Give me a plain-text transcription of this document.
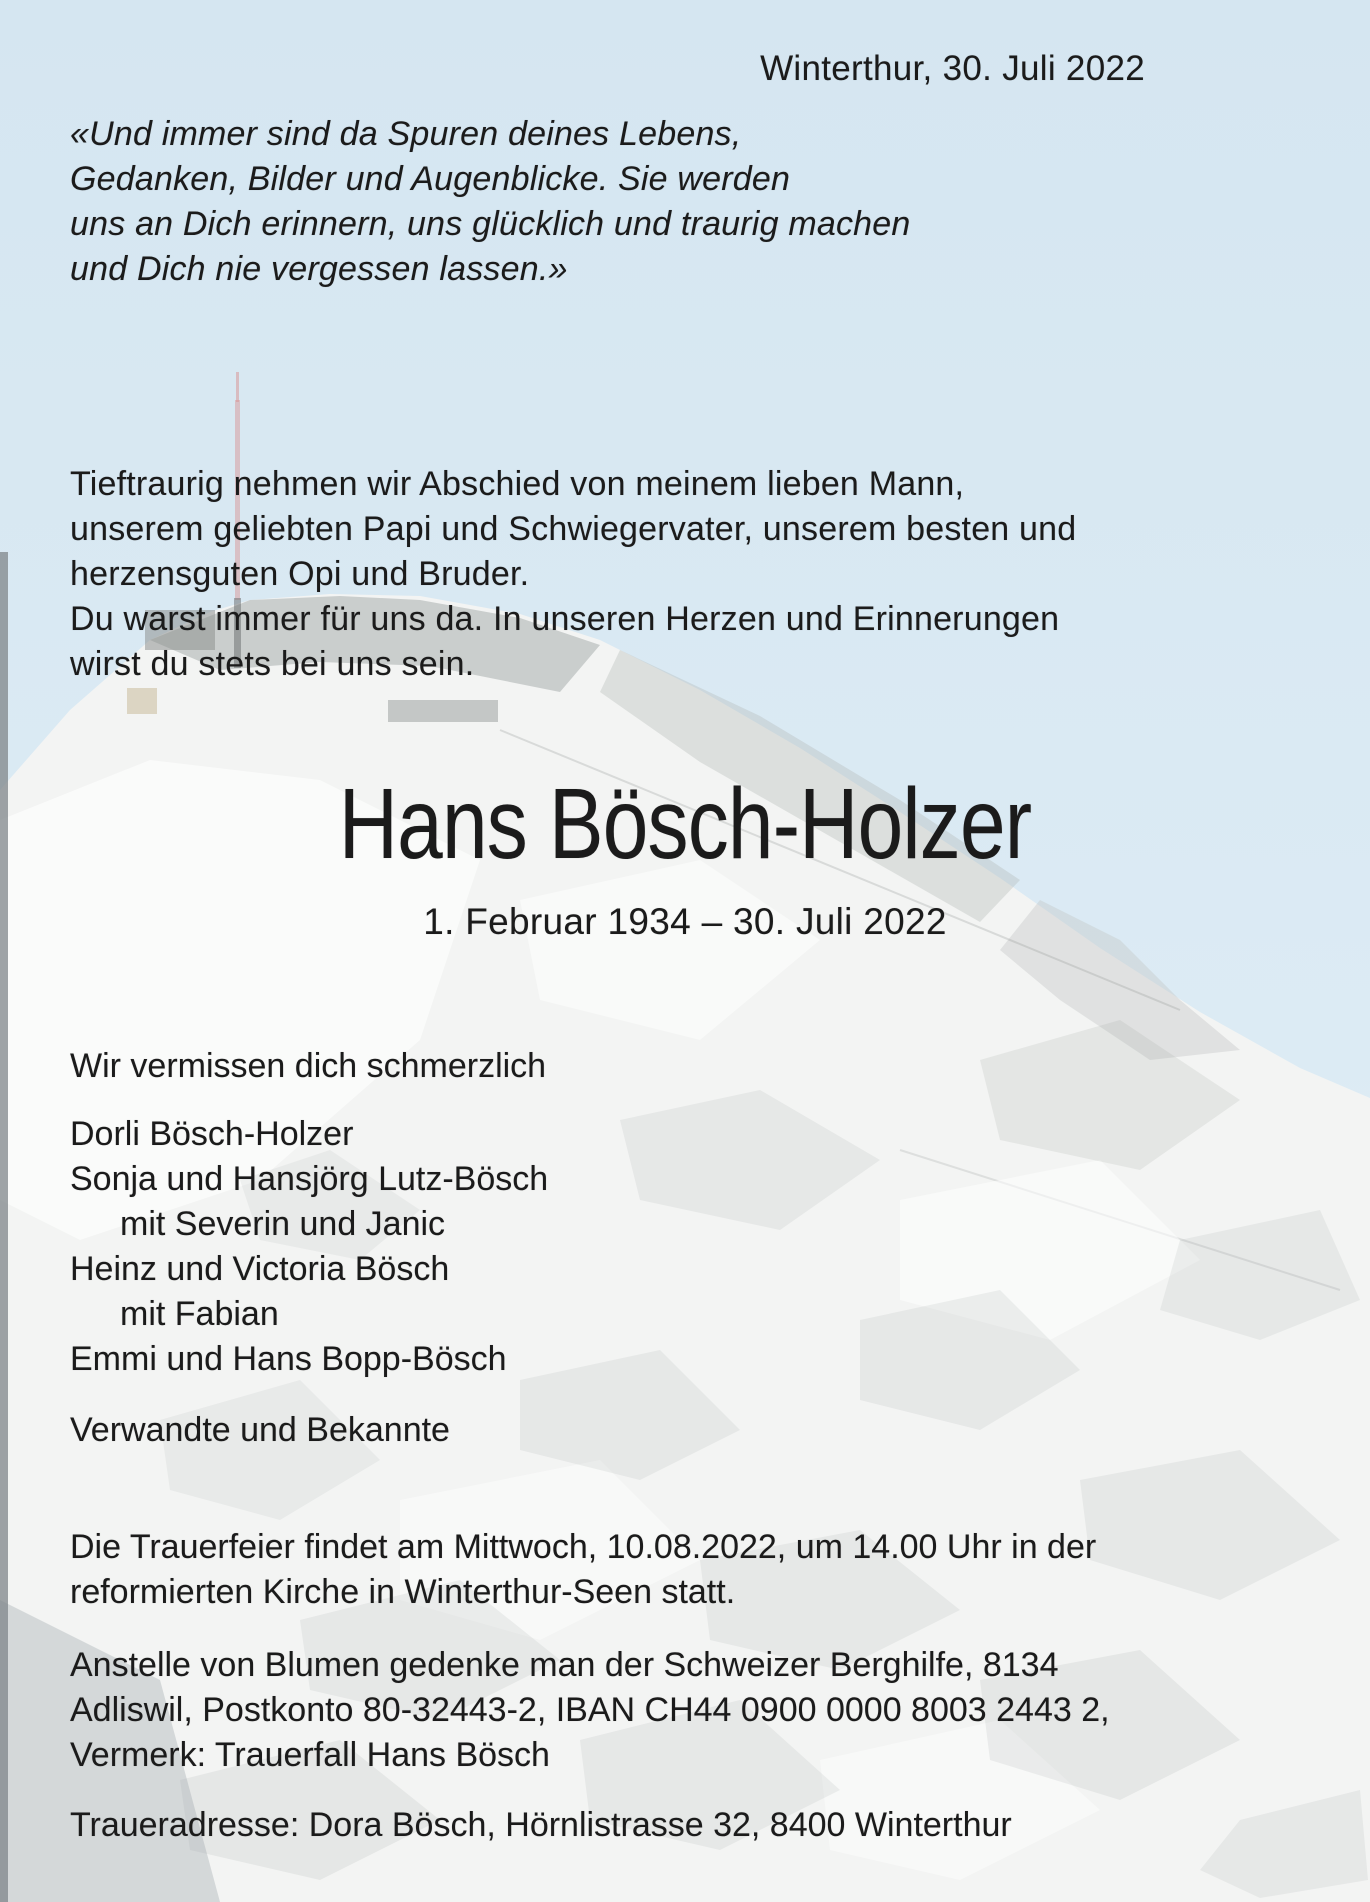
Winterthur, 30. Juli 2022
«Und immer sind da Spuren deines Lebens,
Gedanken, Bilder und Augenblicke. Sie werden
uns an Dich erinnern, uns glücklich und traurig machen
und Dich nie vergessen lassen.»
Tieftraurig nehmen wir Abschied von meinem lieben Mann,
unserem geliebten Papi und Schwiegervater, unserem besten und
herzensguten Opi und Bruder.
Du warst immer für uns da. In unseren Herzen und Erinnerungen
wirst du stets bei uns sein.
Hans Bösch-Holzer
1. Februar 1934 – 30. Juli 2022
Wir vermissen dich schmerzlich
Dorli Bösch-Holzer
Sonja und Hansjörg Lutz-Bösch
mit Severin und Janic
Heinz und Victoria Bösch
mit Fabian
Emmi und Hans Bopp-Bösch
Verwandte und Bekannte
Die Trauerfeier findet am Mittwoch, 10.08.2022, um 14.00 Uhr in der
reformierten Kirche in Winterthur-Seen statt.
Anstelle von Blumen gedenke man der Schweizer Berghilfe, 8134
Adliswil, Postkonto 80-32443-2, IBAN CH44 0900 0000 8003 2443 2,
Vermerk: Trauerfall Hans Bösch
Traueradresse: Dora Bösch, Hörnlistrasse 32, 8400 Winterthur
